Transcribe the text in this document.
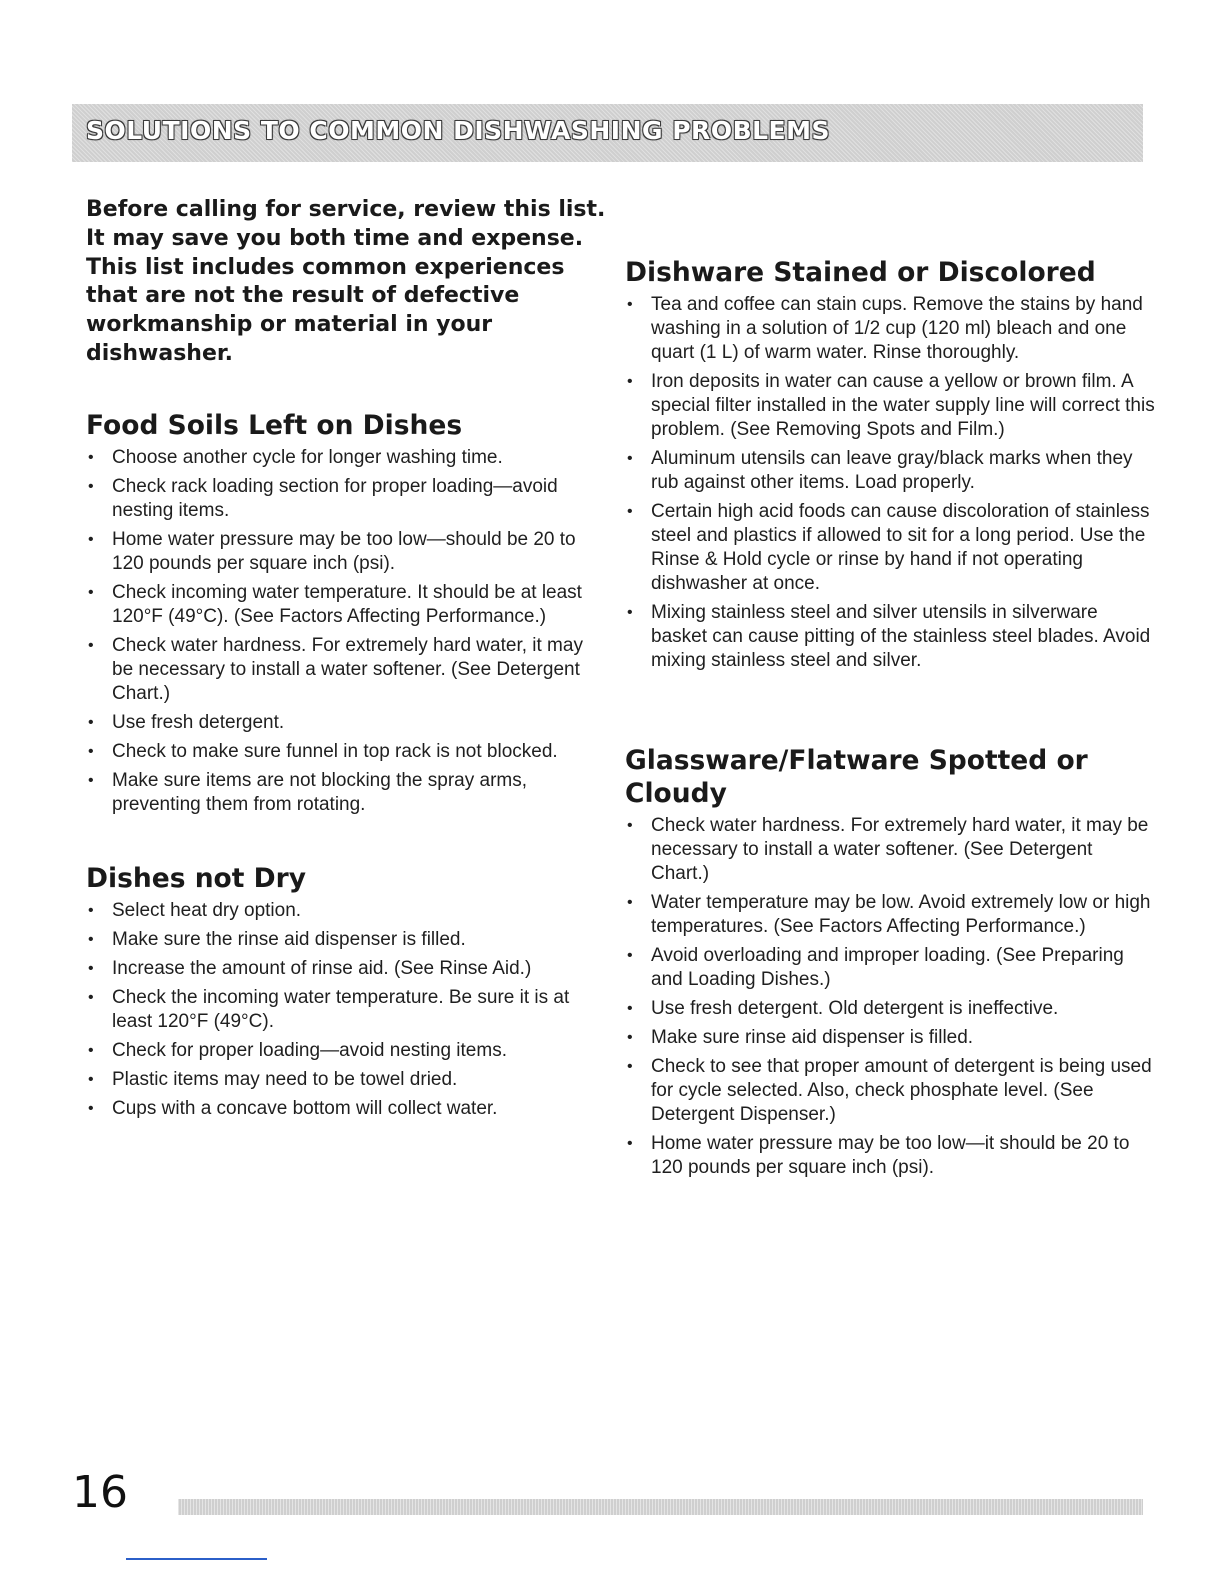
SOLUTIONS TO COMMON DISHWASHING PROBLEMS

Before calling for service, review this list.
It may save you both time and expense.
This list includes common experiences
that are not the result of defective
workmanship or material in your
dishwasher.

Food Soils Left on Dishes
• Choose another cycle for longer washing time.
• Check rack loading section for proper loading—avoid nesting items.
• Home water pressure may be too low—should be 20 to 120 pounds per square inch (psi).
• Check incoming water temperature. It should be at least 120°F (49°C). (See Factors Affecting Performance.)
• Check water hardness. For extremely hard water, it may be necessary to install a water softener. (See Detergent Chart.)
• Use fresh detergent.
• Check to make sure funnel in top rack is not blocked.
• Make sure items are not blocking the spray arms, preventing them from rotating.
Dishes not Dry
• Select heat dry option.
• Make sure the rinse aid dispenser is filled.
• Increase the amount of rinse aid. (See Rinse Aid.)
• Check the incoming water temperature. Be sure it is at least 120°F (49°C).
• Check for proper loading—avoid nesting items.
• Plastic items may need to be towel dried.
• Cups with a concave bottom will collect water.
Dishware Stained or Discolored
• Tea and coffee can stain cups. Remove the stains by hand washing in a solution of 1/2 cup (120 ml) bleach and one quart (1 L) of warm water. Rinse thoroughly.
• Iron deposits in water can cause a yellow or brown film. A special filter installed in the water supply line will correct this problem. (See Removing Spots and Film.)
• Aluminum utensils can leave gray/black marks when they rub against other items. Load properly.
• Certain high acid foods can cause discoloration of stainless steel and plastics if allowed to sit for a long period. Use the Rinse & Hold cycle or rinse by hand if not operating dishwasher at once.
• Mixing stainless steel and silver utensils in silverware basket can cause pitting of the stainless steel blades. Avoid mixing stainless steel and silver.
Glassware/Flatware Spotted or Cloudy
• Check water hardness. For extremely hard water, it may be necessary to install a water softener. (See Detergent Chart.)
• Water temperature may be low. Avoid extremely low or high temperatures. (See Factors Affecting Performance.)
• Avoid overloading and improper loading. (See Preparing and Loading Dishes.)
• Use fresh detergent. Old detergent is ineffective.
• Make sure rinse aid dispenser is filled.
• Check to see that proper amount of detergent is being used for cycle selected. Also, check phosphate level. (See Detergent Dispenser.)
• Home water pressure may be too low—it should be 20 to 120 pounds per square inch (psi).
16
